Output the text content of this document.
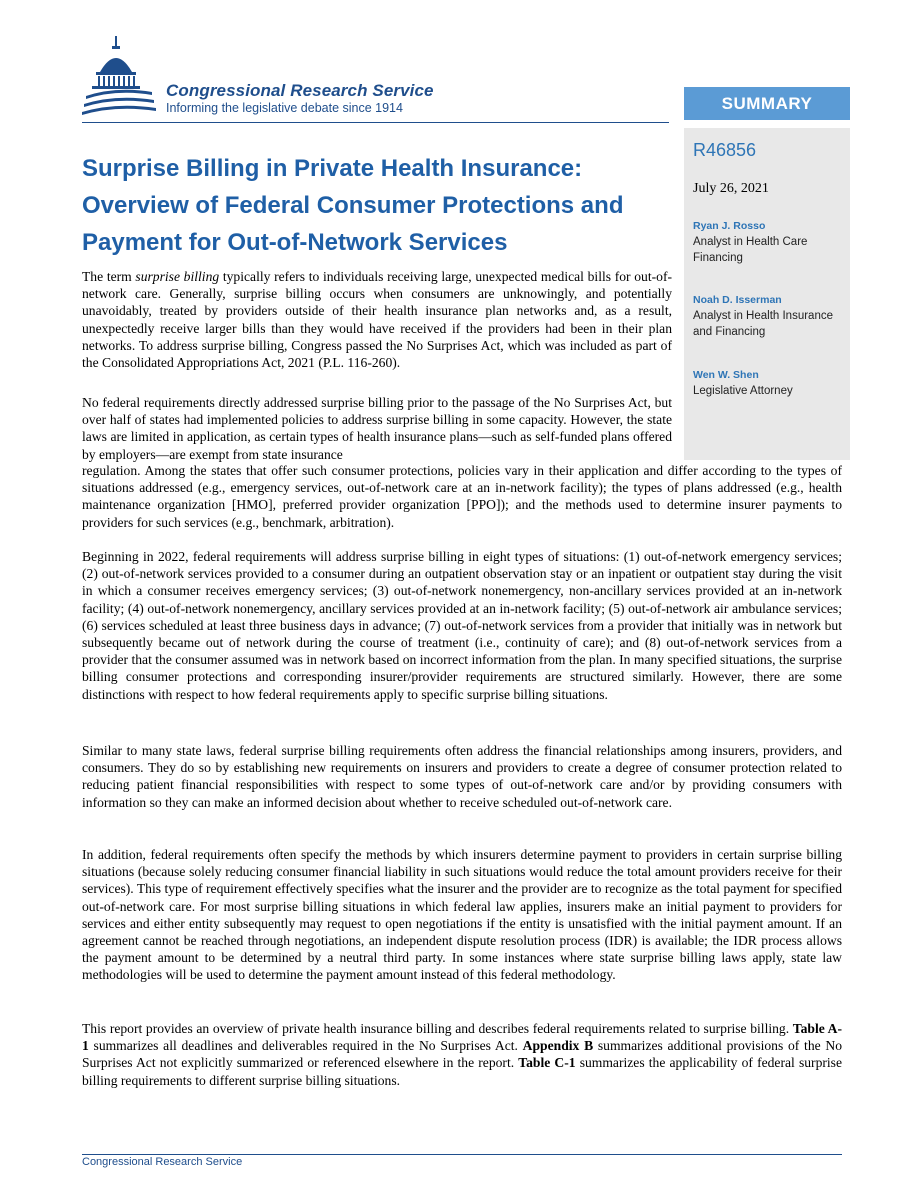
Congressional Research Service
Informing the legislative debate since 1914	SUMMARY
R46856
July 26, 2021
Ryan J. Rosso
Analyst in Health Care Financing
Noah D. Isserman
Analyst in Health Insurance and Financing
Wen W. Shen
Legislative Attorney
Surprise Billing in Private Health Insurance: Overview of Federal Consumer Protections and Payment for Out-of-Network Services

The term surprise billing typically refers to individuals receiving large, unexpected medical bills for out-of-network care. Generally, surprise billing occurs when consumers are unknowingly, and potentially unavoidably, treated by providers outside of their health insurance plan networks and, as a result, unexpectedly receive larger bills than they would have received if the providers had been in their plan networks. To address surprise billing, Congress passed the No Surprises Act, which was included as part of the Consolidated Appropriations Act, 2021 (P.L. 116-260).

No federal requirements directly addressed surprise billing prior to the passage of the No Surprises Act, but over half of states had implemented policies to address surprise billing in some capacity. However, the state laws are limited in application, as certain types of health insurance plans—such as self-funded plans offered by employers—are exempt from state insurance

regulation. Among the states that offer such consumer protections, policies vary in their application and differ according to the types of situations addressed (e.g., emergency services, out-of-network care at an in-network facility); the types of plans addressed (e.g., health maintenance organization [HMO], preferred provider organization [PPO]); and the methods used to determine insurer payments to providers for such services (e.g., benchmark, arbitration).

Beginning in 2022, federal requirements will address surprise billing in eight types of situations: (1) out-of-network emergency services; (2) out-of-network services provided to a consumer during an outpatient observation stay or an inpatient or outpatient stay during the visit in which a consumer receives emergency services; (3) out-of-network nonemergency, non-ancillary services provided at an in-network facility; (4) out-of-network nonemergency, ancillary services provided at an in-network facility; (5) out-of-network air ambulance services; (6) services scheduled at least three business days in advance; (7) out-of-network services from a provider that initially was in network but subsequently became out of network during the course of treatment (i.e., continuity of care); and (8) out-of-network services from a provider that the consumer assumed was in network based on incorrect information from the plan. In many specified situations, the surprise billing consumer protections and corresponding insurer/provider requirements are structured similarly. However, there are some distinctions with respect to how federal requirements apply to specific surprise billing situations.

Similar to many state laws, federal surprise billing requirements often address the financial relationships among insurers, providers, and consumers. They do so by establishing new requirements on insurers and providers to create a degree of consumer protection related to reducing patient financial responsibilities with respect to some types of out-of-network care and/or by providing consumers with information so they can make an informed decision about whether to receive scheduled out-of-network care.

In addition, federal requirements often specify the methods by which insurers determine payment to providers in certain surprise billing situations (because solely reducing consumer financial liability in such situations would reduce the total amount providers receive for their services). This type of requirement effectively specifies what the insurer and the provider are to recognize as the total payment for specified out-of-network care. For most surprise billing situations in which federal law applies, insurers make an initial payment to providers for services and either entity subsequently may request to open negotiations if the entity is unsatisfied with the initial payment amount. If an agreement cannot be reached through negotiations, an independent dispute resolution process (IDR) is available; the IDR process allows the payment amount to be determined by a neutral third party. In some instances where state surprise billing laws apply, state law methodologies will be used to determine the payment amount instead of this federal methodology.

This report provides an overview of private health insurance billing and describes federal requirements related to surprise billing. Table A-1 summarizes all deadlines and deliverables required in the No Surprises Act. Appendix B summarizes additional provisions of the No Surprises Act not explicitly summarized or referenced elsewhere in the report. Table C-1 summarizes the applicability of federal surprise billing requirements to different surprise billing situations.

Congressional Research Service
